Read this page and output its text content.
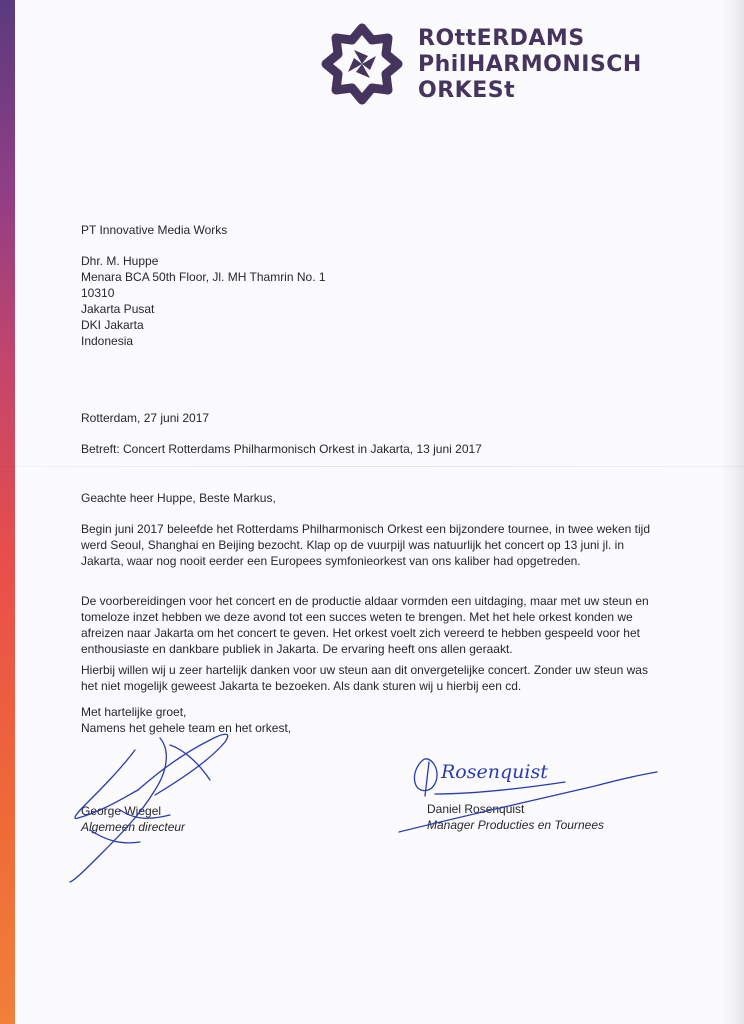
ROttERDAMS
PhilHARMONISCH
ORKESt
PT Innovative Media Works
Dhr. M. Huppe
Menara BCA 50th Floor, Jl. MH Thamrin No. 1
10310
Jakarta Pusat
DKI Jakarta
Indonesia
Rotterdam, 27 juni 2017
Betreft: Concert Rotterdams Philharmonisch Orkest in Jakarta, 13 juni 2017
Geachte heer Huppe, Beste Markus,
Begin juni 2017 beleefde het Rotterdams Philharmonisch Orkest een bijzondere tournee, in twee weken tijd werd Seoul, Shanghai en Beijing bezocht. Klap op de vuurpijl was natuurlijk het concert op 13 juni jl. in Jakarta, waar nog nooit eerder een Europees symfonieorkest van ons kaliber had opgetreden.
De voorbereidingen voor het concert en de productie aldaar vormden een uitdaging, maar met uw steun en tomeloze inzet hebben we deze avond tot een succes weten te brengen. Met het hele orkest konden we afreizen naar Jakarta om het concert te geven. Het orkest voelt zich vereerd te hebben gespeeld voor het enthousiaste en dankbare publiek in Jakarta. De ervaring heeft ons allen geraakt.
Hierbij willen wij u zeer hartelijk danken voor uw steun aan dit onvergetelijke concert. Zonder uw steun was het niet mogelijk geweest Jakarta te bezoeken. Als dank sturen wij u hierbij een cd.
Met hartelijke groet,
Namens het gehele team en het orkest,
George Wiegel
Algemeen directeur
Daniel Rosenquist
Manager Producties en Tournees
Rosenquist
